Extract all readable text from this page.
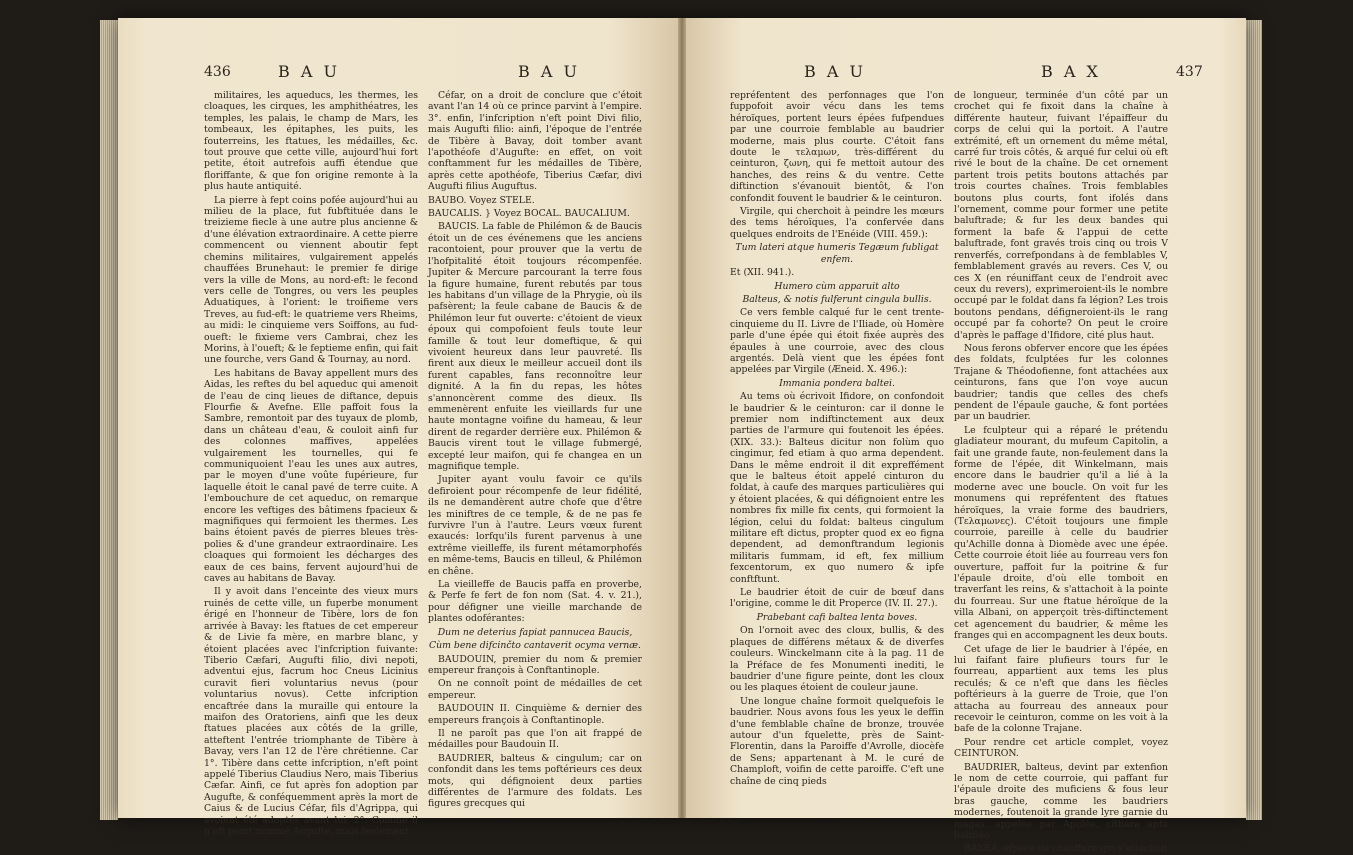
436	B A U	B A U

militaires, les aqueducs, les thermes, les cloaques, les cirques, les amphithéatres, les temples, les palais, le champ de Mars, les tombeaux, les épitaphes, les puits, les fouterreins, les ftatues, les médailles, &c. tout prouve que cette ville, aujourd'hui fort petite, étoit autrefois auffi étendue que floriffante, & que fon origine remonte à la plus haute antiquité.

La pierre à fept coins pofée aujourd'hui au milieu de la place, fut fubftituée dans le treizieme fiecle à une autre plus ancienne & d'une élévation extraordinaire. A cette pierre commencent ou viennent aboutir fept chemins militaires, vulgairement appelés chauffées Brunehaut: le premier fe dirige vers la ville de Mons, au nord-eft: le fecond vers celle de Tongres, ou vers les peuples Aduatiques, à l'orient: le troifieme vers Treves, au fud-eft: le quatrieme vers Rheims, au midi: le cinquieme vers Soiffons, au fud-oueft: le fixieme vers Cambrai, chez les Morins, à l'oueft; & le feptieme enfin, qui fait une fourche, vers Gand & Tournay, au nord.

Les habitans de Bavay appellent murs des Aidas, les reftes du bel aqueduc qui amenoit de l'eau de cinq lieues de diftance, depuis Flourfie & Avefne. Elle paffoit fous la Sambre, remontoit par des tuyaux de plomb, dans un château d'eau, & couloit ainfi fur des colonnes maffives, appelées vulgairement les tournelles, qui fe communiquoient l'eau les unes aux autres, par le moyen d'une voûte fupérieure, fur laquelle étoit le canal pavé de terre cuite. A l'embouchure de cet aqueduc, on remarque encore les veftiges des bâtimens fpacieux & magnifiques qui fermoient les thermes. Les bains étoient pavés de pierres bleues très-polies & d'une grandeur extraordinaire. Les cloaques qui formoient les décharges des eaux de ces bains, fervent aujourd'hui de caves au habitans de Bavay.

Il y avoit dans l'enceinte des vieux murs ruinés de cette ville, un fuperbe monument érigé en l'honneur de Tibère, lors de fon arrivée à Bavay: les ftatues de cet empereur & de Livie fa mère, en marbre blanc, y étoient placées avec l'infcription fuivante: Tiberio Cæfari, Augufti filio, divi nepoti, adventui ejus, facrum hoc Cneus Licinius curavit fieri voluntarius nevus (pour voluntarius novus). Cette infcription encaftrée dans la muraille qui entoure la maifon des Oratoriens, ainfi que les deux ftatues placées aux côtés de la grille, atteftent l'entrée triomphante de Tibère à Bavay, vers l'an 12 de l'ère chrétienne. Car 1°. Tibère dans cette infcription, n'eft point appelé Tiberius Claudius Nero, mais Tiberius Cæfar. Ainfi, ce fut après fon adoption par Augufte, & conféquemment après la mort de Caius & de Lucius Céfar, fils d'Agrippa, qui avoient été adoptés avant lui. 2°. Comme il n'eft point nommé Augufte, mais feulement

Céfar, on a droit de conclure que c'étoit avant l'an 14 où ce prince parvint à l'empire. 3°. enfin, l'infcription n'eft point Divi filio, mais Augufti filio: ainfi, l'époque de l'entrée de Tibère à Bavay, doit tomber avant l'apothéofe d'Augufte: en effet, on voit conftamment fur les médailles de Tibère, après cette apothéofe, Tiberius Cæfar, divi Augufti filius Auguftus.

BAUBO. Voyez STELE.

BAUCALIS. } Voyez BOCAL. BAUCALIUM.

BAUCIS. La fable de Philémon & de Baucis étoit un de ces événemens que les anciens racontoient, pour prouver que la vertu de l'hofpitalité étoit toujours récompenfée. Jupiter & Mercure parcourant la terre fous la figure humaine, furent rebutés par tous les habitans d'un village de la Phrygie, où ils pafsèrent; la feule cabane de Baucis & de Philémon leur fut ouverte: c'étoient de vieux époux qui compofoient feuls toute leur famille & tout leur domeftique, & qui vivoient heureux dans leur pauvreté. Ils firent aux dieux le meilleur accueil dont ils furent capables, fans reconnoître leur dignité. A la fin du repas, les hôtes s'annoncèrent comme des dieux. Ils emmenèrent enfuite les vieillards fur une haute montagne voifine du hameau, & leur dirent de regarder derrière eux. Philémon & Baucis virent tout le village fubmergé, excepté leur maifon, qui fe changea en un magnifique temple.

Jupiter ayant voulu favoir ce qu'ils defiroient pour récompenfe de leur fidélité, ils ne demandèrent autre chofe que d'être les miniftres de ce temple, & de ne pas fe furvivre l'un à l'autre. Leurs vœux furent exaucés: lorfqu'ils furent parvenus à une extrême vieilleffe, ils furent métamorphofés en même-tems, Baucis en tilleul, & Philémon en chêne.

La vieilleffe de Baucis paffa en proverbe, & Perfe fe fert de fon nom (Sat. 4. v. 21.), pour défigner une vieille marchande de plantes odoférantes:

Dum ne deterius fapiat pannucea Baucis,

Cùm bene difcinčto cantaverit ocyma vernæ.

BAUDOUIN, premier du nom & premier empereur françois à Conftantinople.

On ne connoît point de médailles de cet empereur.

BAUDOUIN II. Cinquième & dernier des empereurs françois à Conftantinople.

Il ne paroît pas que l'on ait frappé de médailles pour Baudouin II.

BAUDRIER, balteus & cingulum; car on confondit dans les tems poftérieurs ces deux mots, qui défignoient deux parties différentes de l'armure des foldats. Les figures grecques qui

B A U	B A X	437

repréfentent des perfonnages que l'on fuppofoit avoir vécu dans les tems héroïques, portent leurs épées fufpendues par une courroie femblable au baudrier moderne, mais plus courte. C'étoit fans doute le τελαμων, très-différent du ceinturon, ζωνη, qui fe mettoit autour des hanches, des reins & du ventre. Cette diftinction s'évanouit bientôt, & l'on confondit fouvent le baudrier & le ceinturon.

Virgile, qui cherchoit à peindre les mœurs des tems héroïques, l'a confervée dans quelques endroits de l'Enéide (VIII. 459.):

Tum lateri atque humeris Tegæum fubligat enfem.

Et (XII. 941.).

Humero cùm apparuit alto

Balteus, & notis fulferunt cingula bullis.

Ce vers femble calqué fur le cent trente-cinquieme du II. Livre de l'Iliade, où Homère parle d'une épée qui étoit fixée auprès des épaules à une courroie, avec des clous argentés. Delà vient que les épées font appelées par Virgile (Æneid. X. 496.):

Immania pondera baltei.

Au tems où écrivoit Ifidore, on confondoit le baudrier & le ceinturon: car il donne le premier nom indiftinctement aux deux parties de l'armure qui foutenoit les épées. (XIX. 33.): Balteus dicitur non folùm quo cingimur, fed etiam à quo arma dependent. Dans le même endroit il dit expreffément que le balteus étoit appelé cinturon du foldat, à caufe des marques particulières qui y étoient placées, & qui défignoient entre les nombres fix mille fix cents, qui formoient la légion, celui du foldat: balteus cingulum militare eft dictus, propter quod ex eo figna dependent, ad demonftrandum legionis militaris fummam, id eft, fex millium fexcentorum, ex quo numero & ipfe conftftunt.

Le baudrier étoit de cuir de bœuf dans l'origine, comme le dit Properce (IV. II. 27.).

Prabebant cafi baltea lenta boves.

On l'ornoit avec des cloux, bullis, & des plaques de différens métaux & de diverfes couleurs. Winckelmann cite à la pag. 11 de la Préface de fes Monumenti inediti, le baudrier d'une figure peinte, dont les cloux ou les plaques étoient de couleur jaune.

Une longue chaîne formoit quelquefois le baudrier. Nous avons fous les yeux le deffin d'une femblable chaîne de bronze, trouvée autour d'un fquelette, près de Saint-Florentin, dans la Paroiffe d'Avrolle, diocèfe de Sens; appartenant à M. le curé de Champloft, voifin de cette paroiffe. C'eft une chaîne de cinq pieds

de longueur, terminée d'un côté par un crochet qui fe fixoit dans la chaîne à différente hauteur, fuivant l'épaiffeur du corps de celui qui la portoit. A l'autre extrémité, eft un ornement du même métal, carré fur trois côtés, & arqué fur celui où eft rivé le bout de la chaîne. De cet ornement partent trois petits boutons attachés par trois courtes chaînes. Trois femblables boutons plus courts, font ifolés dans l'ornement, comme pour former une petite baluftrade; & fur les deux bandes qui forment la bafe & l'appui de cette baluftrade, font gravés trois cinq ou trois V renverfés, correfpondans à de femblables V, femblablement gravés au revers. Ces V, ou ces X (en réuniffant ceux de l'endroit avec ceux du revers), exprimeroient-ils le nombre occupé par le foldat dans fa légion? Les trois boutons pendans, défigneroient-ils le rang occupé par fa cohorte? On peut le croire d'après le paffage d'Ifidore, cité plus haut.

Nous ferons obferver encore que les épées des foldats, fculptées fur les colonnes Trajane & Théodofienne, font attachées aux ceinturons, fans que l'on voye aucun baudrier; tandis que celles des chefs pendent de l'épaule gauche, & font portées par un baudrier.

Le fculpteur qui a réparé le prétendu gladiateur mourant, du mufeum Capitolin, a fait une grande faute, non-feulement dans la forme de l'épée, dit Winkelmann, mais encore dans le baudrier qu'il a lié à la moderne avec une boucle. On voit fur les monumens qui repréfentent des ftatues héroïques, la vraie forme des baudriers, (Τελαμωνες). C'étoit toujours une fimple courroie, pareille à celle du baudrier qu'Achille donna à Diomède avec une épée. Cette courroie étoit liée au fourreau vers fon ouverture, paffoit fur la poitrine & fur l'épaule droite, d'où elle tomboit en traverfant les reins, & s'attachoit à la pointe du fourreau. Sur une ftatue héroïque de la villa Albani, on apperçoit très-diftinctement cet agencement du baudrier, & même les franges qui en accompagnent les deux bouts.

Cet ufage de lier le baudrier à l'épée, en lui faifant faire plufieurs tours fur le fourreau, appartient aux tems les plus reculés; & ce n'eft que dans les fiècles poftérieurs à la guerre de Troie, que l'on attacha au fourreau des anneaux pour recevoir le ceinturon, comme on les voit à la bafe de la colonne Trajane.

Pour rendre cet article complet, voyez CEINTURON.

BAUDRIER, balteus, devint par extenfion le nom de cette courroie, qui paffant fur l'épaule droite des muficiens & fous leur bras gauche, comme les baudriers modernes, foutenoit la grande lyre garnie du magas, appelée par Apulée, cithara apta baltheo.

BAXEA, efpèce de chauffure qui s'attachoit
